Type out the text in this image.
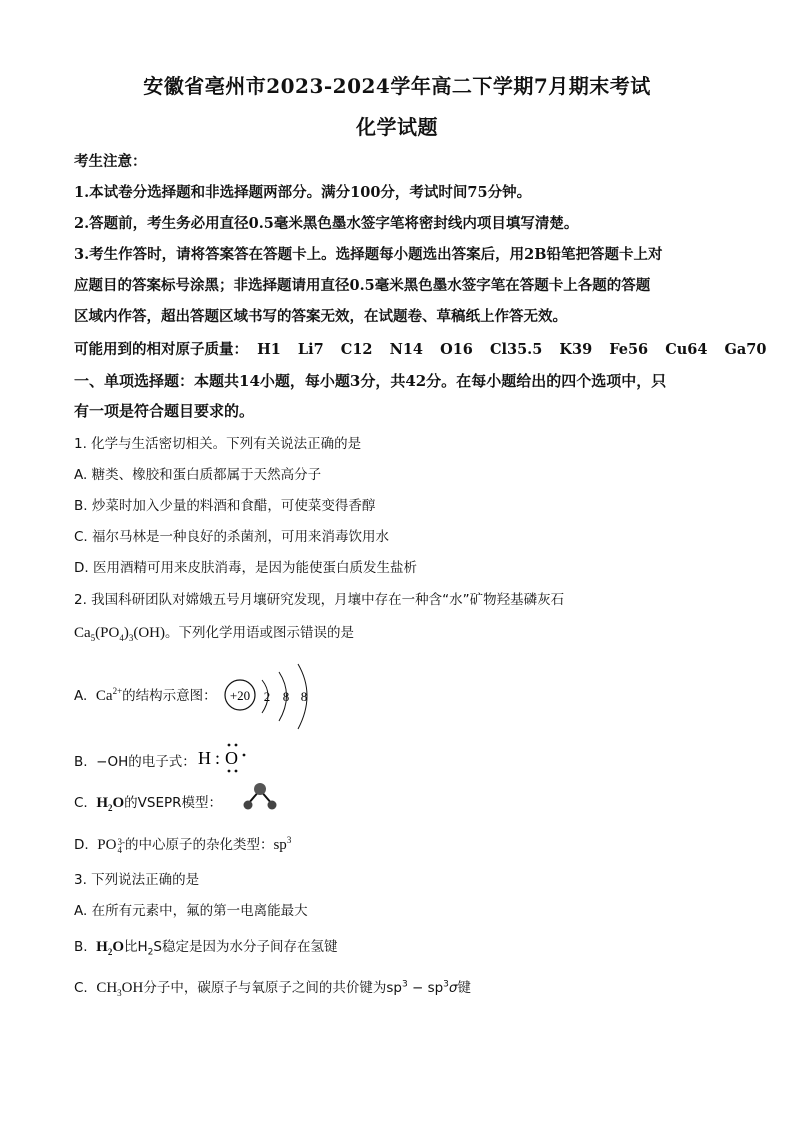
安徽省亳州市2023-2024学年高二下学期7月期末考试
化学试题
考生注意：
1.本试卷分选择题和非选择题两部分。满分100分，考试时间75分钟。
2.答题前，考生务必用直径0.5毫米黑色墨水签字笔将密封线内项目填写清楚。
3.考生作答时，请将答案答在答题卡上。选择题每小题选出答案后，用2B铅笔把答题卡上对
应题目的答案标号涂黑；非选择题请用直径0.5毫米黑色墨水签字笔在答题卡上各题的答题
区域内作答，超出答题区域书写的答案无效，在试题卷、草稿纸上作答无效。
可能用到的相对原子质量： H1 Li7 C12 N14 O16 Cl35.5 K39 Fe56 Cu64 Ga70
一、单项选择题：本题共14小题，每小题3分，共42分。在每小题给出的四个选项中，只
有一项是符合题目要求的。
1. 化学与生活密切相关。下列有关说法正确的是
A. 糖类、橡胶和蛋白质都属于天然高分子
B. 炒菜时加入少量的料酒和食醋，可使菜变得香醇
C. 福尔马林是一种良好的杀菌剂，可用来消毒饮用水
D. 医用酒精可用来皮肤消毒，是因为能使蛋白质发生盐析
2. 我国科研团队对嫦娥五号月壤研究发现，月壤中存在一种含“水”矿物羟基磷灰石
$Ca_5(PO_4)_3(OH)$。下列化学用语或图示错误的是
A. $Ca^{2+}$的结构示意图：	+20 2 8 8
B. −OH的电子式： H : O
C. $H_2O$的VSEPR模型：
D. PO 3-
4 的中心原子的杂化类型：$sp^3$
3. 下列说法正确的是
A. 在所有元素中，氟的第一电离能最大
B. $H_2O$比$H_2S$稳定是因为水分子间存在氢键
C. $CH_3OH$分子中，碳原子与氧原子之间的共价键为$sp^3 - sp^3\sigma$键
